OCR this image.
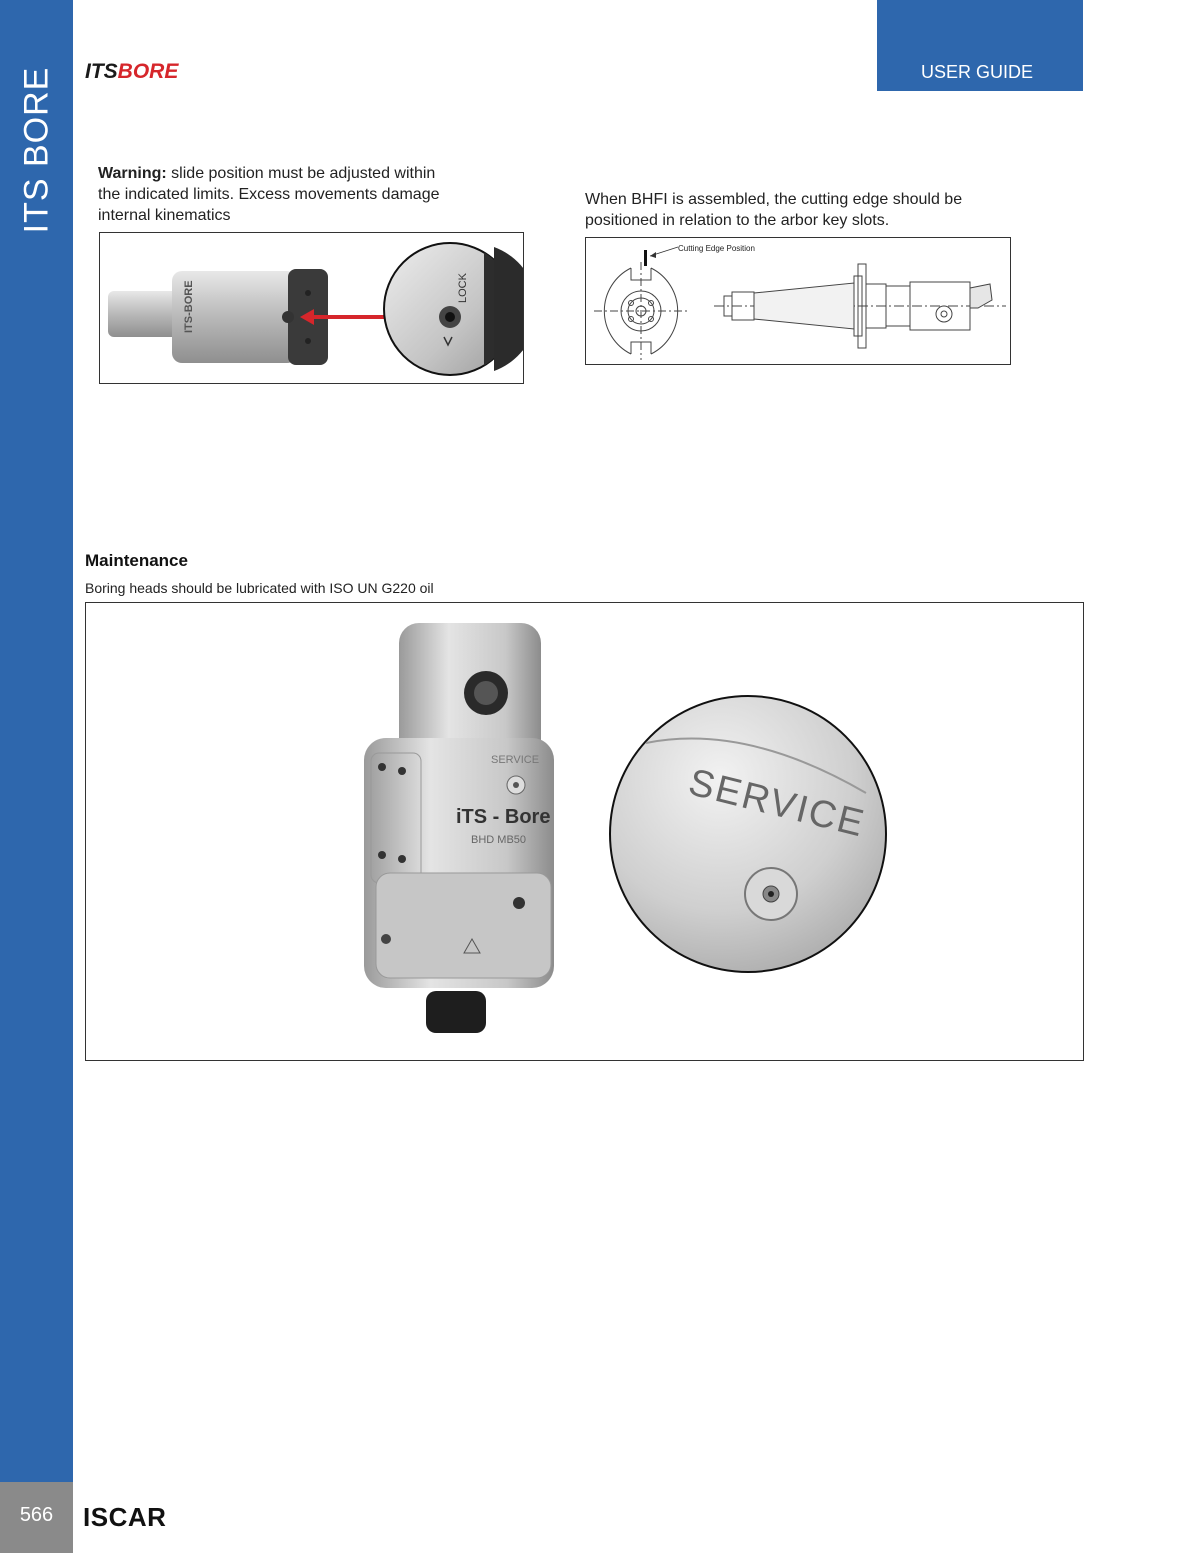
ITS BORE
566	ISCAR
ITSBORE	USER GUIDE
Warning: slide position must be adjusted within the indicated limits. Excess movements damage internal kinematics
ITS-BORE	LOCK
When BHFI is assembled, the cutting edge should be positioned in relation to the arbor key slots.
Cutting Edge Position
Maintenance
Boring heads should be lubricated with ISO UN G220 oil
SERVICE
iTS - Bore
BHD MB50	SERVICE
